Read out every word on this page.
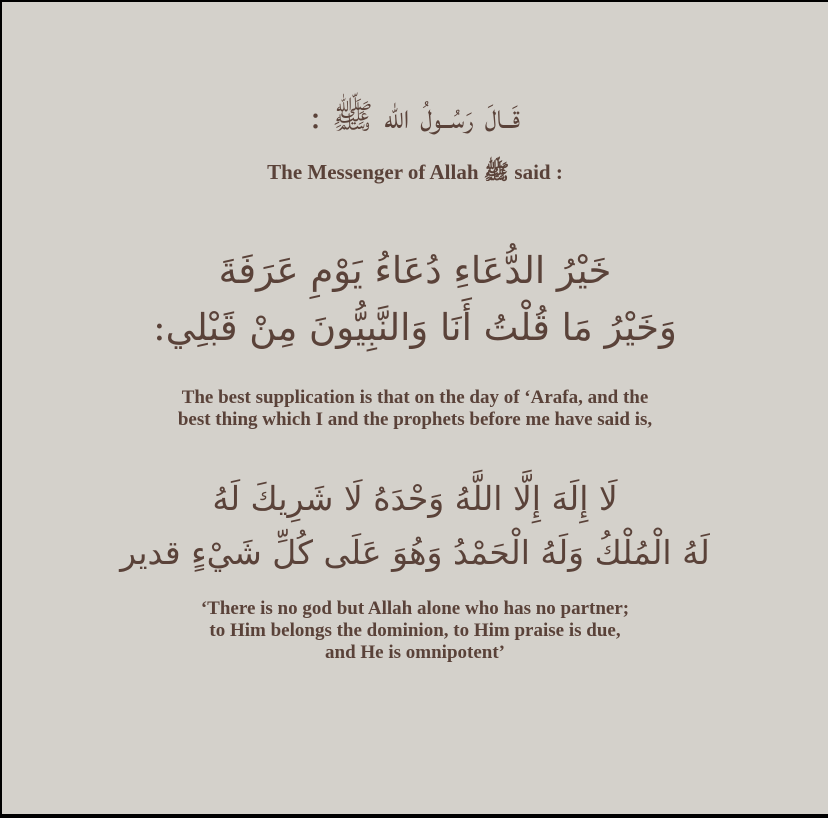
قَــالَ رَسُــولُ الله ﷺ :
The Messenger of Allah ﷺ said :
خَيْرُ الدُّعَاءِ دُعَاءُ يَوْمِ عَرَفَةَ
وَخَيْرُ مَا قُلْتُ أَنَا وَالنَّبِيُّونَ مِنْ قَبْلِي:
The best supplication is that on the day of ‘Arafa, and the
best thing which I and the prophets before me have said is,
لَا إِلَهَ إِلَّا اللَّهُ وَحْدَهُ لَا شَرِيكَ لَهُ
لَهُ الْمُلْكُ وَلَهُ الْحَمْدُ وَهُوَ عَلَى كُلِّ شَيْءٍ قدير
‘There is no god but Allah alone who has no partner;
to Him belongs the dominion, to Him praise is due,
and He is omnipotent’
